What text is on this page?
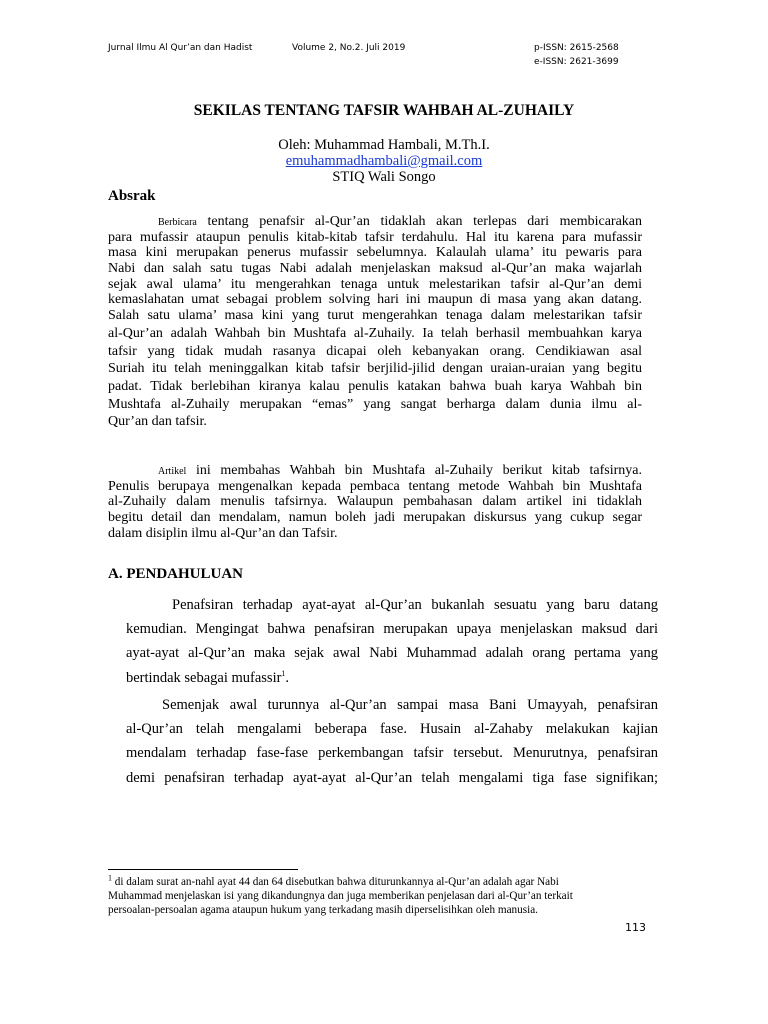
Jurnal Ilmu Al Qur’an dan Hadist	Volume 2, No.2. Juli 2019	p-ISSN: 2615-2568
e-ISSN: 2621-3699
SEKILAS TENTANG TAFSIR WAHBAH AL-ZUHAILY
Oleh: Muhammad Hambali, M.Th.I.
emuhammadhambali@gmail.com
STIQ Wali Songo
Absrak
Berbicara tentang penafsir al-Qur’an tidaklah akan terlepas dari membicarakan
para mufassir ataupun penulis kitab-kitab tafsir terdahulu. Hal itu karena para mufassir
masa kini merupakan penerus mufassir sebelumnya. Kalaulah ulama’ itu pewaris para
Nabi dan salah satu tugas Nabi adalah menjelaskan maksud al-Qur’an maka wajarlah
sejak awal ulama’ itu mengerahkan tenaga untuk melestarikan tafsir al-Qur’an demi
kemaslahatan umat sebagai problem solving hari ini maupun di masa yang akan datang.
Salah satu ulama’ masa kini yang turut mengerahkan tenaga dalam melestarikan tafsir
al-Qur’an adalah Wahbah bin Mushtafa al-Zuhaily. Ia telah berhasil membuahkan karya
tafsir yang tidak mudah rasanya dicapai oleh kebanyakan orang. Cendikiawan asal
Suriah itu telah meninggalkan kitab tafsir berjilid-jilid dengan uraian-uraian yang begitu
padat. Tidak berlebihan kiranya kalau penulis katakan bahwa buah karya Wahbah bin
Mushtafa al-Zuhaily merupakan “emas” yang sangat berharga dalam dunia ilmu al-
Qur’an dan tafsir.
Artikel ini membahas Wahbah bin Mushtafa al-Zuhaily berikut kitab tafsirnya.
Penulis berupaya mengenalkan kepada pembaca tentang metode Wahbah bin Mushtafa
al-Zuhaily dalam menulis tafsirnya. Walaupun pembahasan dalam artikel ini tidaklah
begitu detail dan mendalam, namun boleh jadi merupakan diskursus yang cukup segar
dalam disiplin ilmu al-Qur’an dan Tafsir.
A. PENDAHULUAN
Penafsiran terhadap ayat-ayat al-Qur’an bukanlah sesuatu yang baru datang
kemudian. Mengingat bahwa penafsiran merupakan upaya menjelaskan maksud dari
ayat-ayat al-Qur’an maka sejak awal Nabi Muhammad adalah orang pertama yang
bertindak sebagai mufassir$^1$.
Semenjak awal turunnya al-Qur’an sampai masa Bani Umayyah, penafsiran
al-Qur’an telah mengalami beberapa fase. Husain al-Zahaby melakukan kajian
mendalam terhadap fase-fase perkembangan tafsir tersebut. Menurutnya, penafsiran
demi penafsiran terhadap ayat-ayat al-Qur’an telah mengalami tiga fase signifikan;
$^1$ di dalam surat an-nahl ayat 44 dan 64 disebutkan bahwa diturunkannya al-Qur’an adalah agar Nabi
Muhammad menjelaskan isi yang dikandungnya dan juga memberikan penjelasan dari al-Qur’an terkait
persoalan-persoalan agama ataupun hukum yang terkadang masih diperselisihkan oleh manusia.
113
